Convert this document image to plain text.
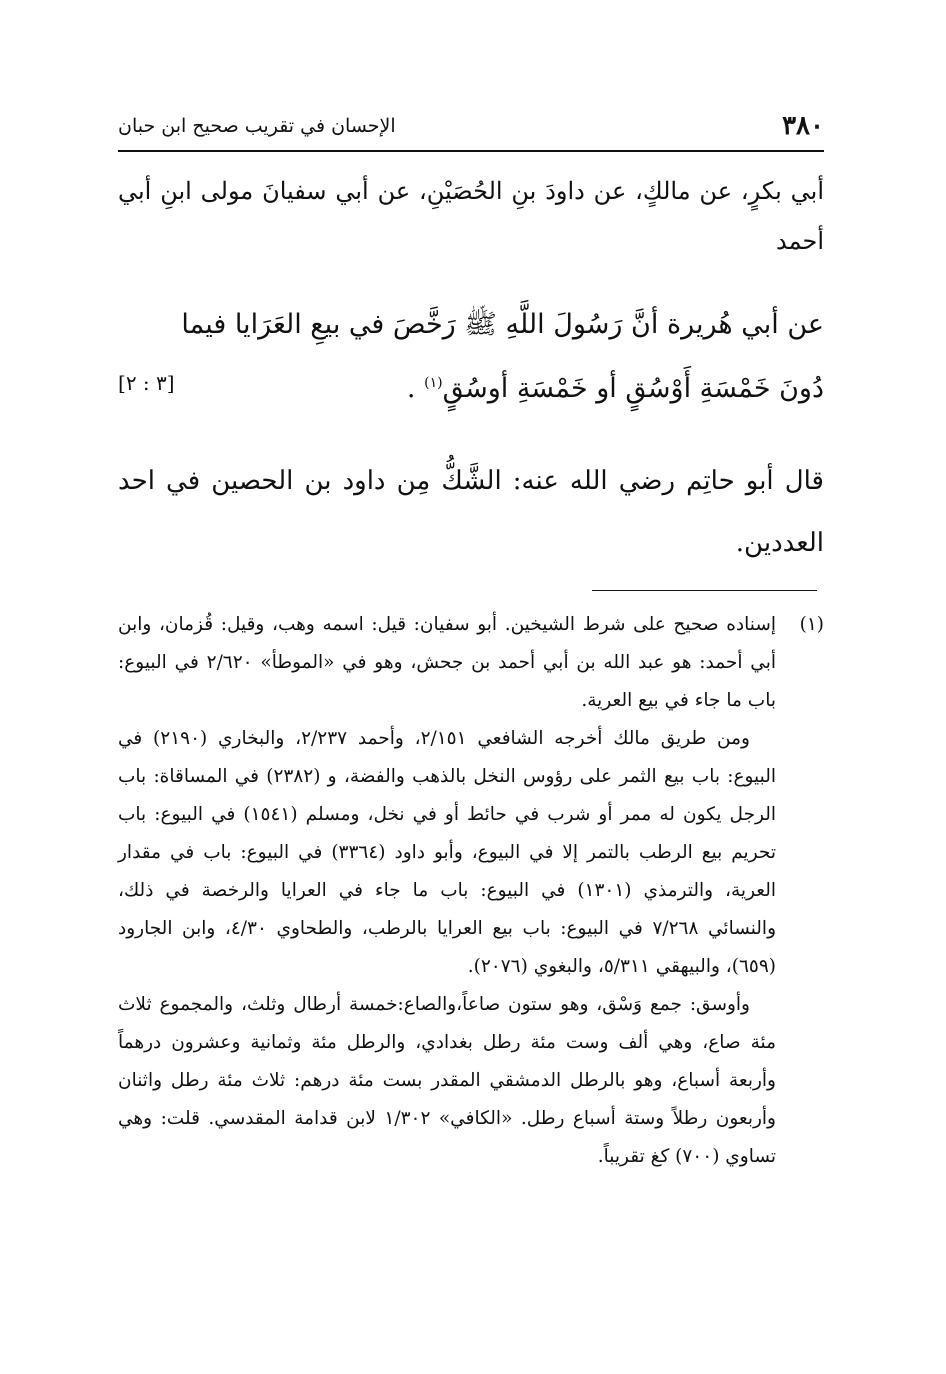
٣٨٠
الإحسان في تقريب صحيح ابن حبان

أبي بكرٍ، عن مالكٍ، عن داودَ بنِ الحُصَيْنِ، عن أبي سفيانَ مولى ابنِ أبي أحمد

عن أبي هُريرة أنَّ رَسُولَ اللَّهِ ﷺ رَخَّصَ في بيعِ العَرَايا فيما
دُونَ خَمْسَةِ أَوْسُقٍ أو خَمْسَةِ أوسُقٍ$^{(١)}$ .
[٣ : ٢]

قال أبو حاتِم رضي الله عنه: الشَّكُّ مِن داود بن الحصين في احد العددين.

(١)

إسناده صحيح على شرط الشيخين. أبو سفيان: قيل: اسمه وهب، وقيل: قُزمان، وابن أبي أحمد: هو عبد الله بن أبي أحمد بن جحش، وهو في «الموطأ» ٢/٦٢٠ في البيوع: باب ما جاء في بيع العرية.

ومن طريق مالك أخرجه الشافعي ٢/١٥١، وأحمد ٢/٢٣٧، والبخاري (٢١٩٠) في البيوع: باب بيع الثمر على رؤوس النخل بالذهب والفضة، و (٢٣٨٢) في المساقاة: باب الرجل يكون له ممر أو شرب في حائط أو في نخل، ومسلم (١٥٤١) في البيوع: باب تحريم بيع الرطب بالتمر إلا في البيوع، وأبو داود (٣٣٦٤) في البيوع: باب في مقدار العرية، والترمذي (١٣٠١) في البيوع: باب ما جاء في العرايا والرخصة في ذلك، والنسائي ٧/٢٦٨ في البيوع: باب بيع العرايا بالرطب، والطحاوي ٤/٣٠، وابن الجارود (٦٥٩)، والبيهقي ٥/٣١١، والبغوي (٢٠٧٦).

وأوسق: جمع وَسْق، وهو ستون صاعاً،والصاع:خمسة أرطال وثلث، والمجموع ثلاث مئة صاع، وهي ألف وست مئة رطل بغدادي، والرطل مئة وثمانية وعشرون درهماً وأربعة أسباع، وهو بالرطل الدمشقي المقدر بست مئة درهم: ثلاث مئة رطل واثنان وأربعون رطلاً وستة أسباع رطل. «الكافي» ١/٣٠٢ لابن قدامة المقدسي. قلت: وهي تساوي (٧٠٠) كغ تقريباً.
